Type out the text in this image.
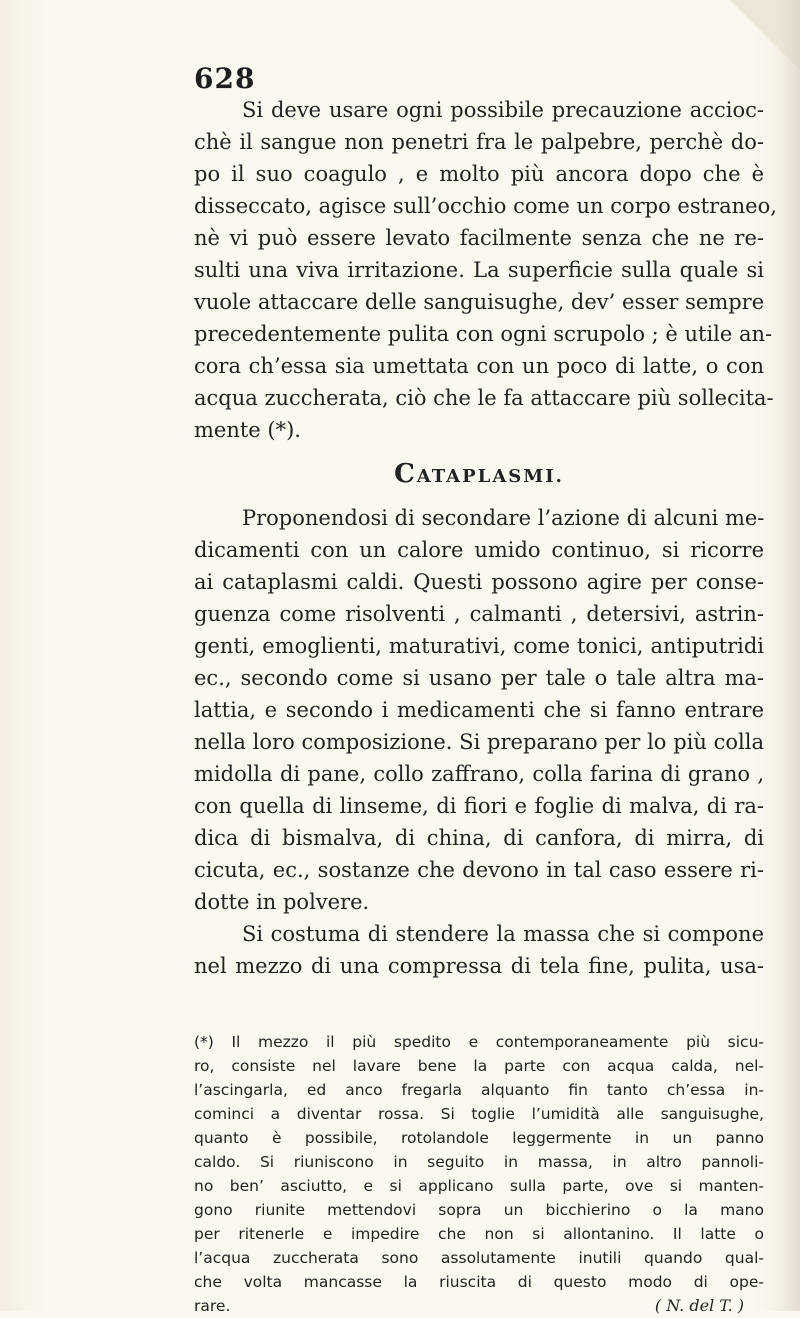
628
Si deve usare ogni possibile precauzione accioc-
chè il sangue non penetri fra le palpebre, perchè do-
po il suo coagulo , e molto più ancora dopo che è
disseccato, agisce sull’occhio come un corpo estraneo,
nè vi può essere levato facilmente senza che ne re-
sulti una viva irritazione. La superficie sulla quale si
vuole attaccare delle sanguisughe, dev’ esser sempre
precedentemente pulita con ogni scrupolo ; è utile an-
cora ch’essa sia umettata con un poco di latte, o con
acqua zuccherata, ciò che le fa attaccare più sollecita-
mente (*).
CATAPLASMI.
Proponendosi di secondare l’azione di alcuni me-
dicamenti con un calore umido continuo, si ricorre
ai cataplasmi caldi. Questi possono agire per conse-
guenza come risolventi , calmanti , detersivi, astrin-
genti, emoglienti, maturativi, come tonici, antiputridi
ec., secondo come si usano per tale o tale altra ma-
lattia, e secondo i medicamenti che si fanno entrare
nella loro composizione. Si preparano per lo più colla
midolla di pane, collo zaffrano, colla farina di grano ,
con quella di linseme, di fiori e foglie di malva, di ra-
dica di bismalva, di china, di canfora, di mirra, di
cicuta, ec., sostanze che devono in tal caso essere ri-
dotte in polvere.
Si costuma di stendere la massa che si compone
nel mezzo di una compressa di tela fine, pulita, usa-
(*) Il mezzo il più spedito e contemporaneamente più sicu-
ro, consiste nel lavare bene la parte con acqua calda, nel-
l’ascingarla, ed anco fregarla alquanto fin tanto ch’essa in-
cominci a diventar rossa. Si toglie l’umidità alle sanguisughe,
quanto è possibile, rotolandole leggermente in un panno
caldo. Si riuniscono in seguito in massa, in altro pannoli-
no ben’ asciutto, e si applicano sulla parte, ove si manten-
gono riunite mettendovi sopra un bicchierino o la mano
per ritenerle e impedire che non si allontanino. Il latte o
l’acqua zuccherata sono assolutamente inutili quando qual-
che volta mancasse la riuscita di questo modo di ope-
rare.	( N. del T. )
